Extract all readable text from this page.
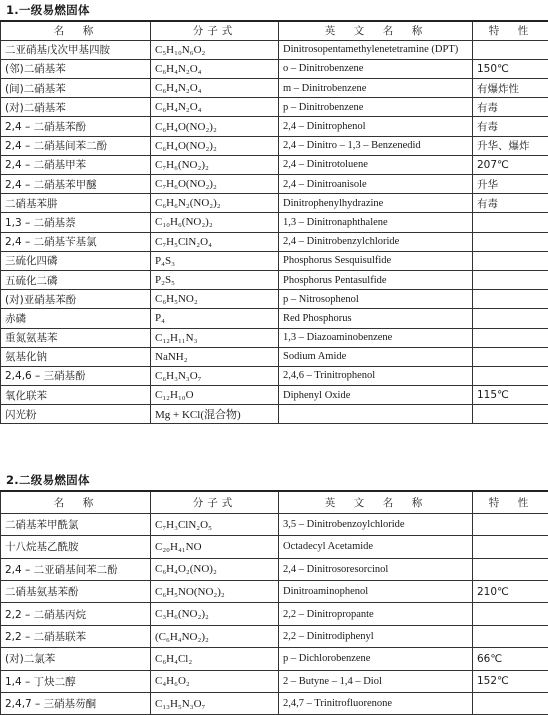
1.一级易燃固体
名　称	分子式	英　文　名　称	特　性
二亚硝基戊次甲基四胺	C₅H₁₀N₆O₂	Dinitrosopentamethylenetetramine (DPT)	
(邻)二硝基苯	C₆H₄N₂O₄	o – Dinitrobenzene	150℃
(间)二硝基苯	C₆H₄N₂O₄	m – Dinitrobenzene	有爆炸性
(对)二硝基苯	C₆H₄N₂O₄	p – Dinitrobenzene	有毒
2,4 – 二硝基苯酚	C₆H₄O(NO₂)₂	2,4 – Dinitrophenol	有毒
2,4 – 二硝基间苯二酚	C₆H₄O(NO₂)₂	2,4 – Dinitro – 1,3 – Benzenedid	升华、爆炸
2,4 – 二硝基甲苯	C₇H₆(NO₂)₂	2,4 – Dinitrotoluene	207℃
2,4 – 二硝基苯甲醚	C₇H₆O(NO₂)₂	2,4 – Dinitroanisole	升华
二硝基苯肼	C₆H₆N₂(NO₂)₂	Dinitrophenylhydrazine	有毒
1,3 – 二硝基萘	C₁₀H₆(NO₂)₂	1,3 – Dinitronaphthalene	
2,4 – 二硝基苄基氯	C₇H₅ClN₂O₄	2,4 – Dinitrobenzylchloride	
三硫化四磷	P₄S₃	Phosphorus Sesquisulfide	
五硫化二磷	P₂S₅	Phosphorus Pentasulfide	
(对)亚硝基苯酚	C₆H₅NO₂	p – Nitrosophenol	
赤磷	P₄	Red Phosphorus	
重氮氨基苯	C₁₂H₁₁N₃	1,3 – Diazoaminobenzene	
氨基化钠	NaNH₂	Sodium Amide	
2,4,6 – 三硝基酚	C₆H₃N₃O₇	2,4,6 – Trinitrophenol	
氧化联苯	C₁₂H₁₀O	Diphenyl Oxide	115℃
闪光粉	Mg + KCl(混合物)		
2.二级易燃固体
名　称	分子式	英　文　名　称	特　性
二硝基苯甲酰氯	C₇H₃ClN₂O₅	3,5 – Dinitrobenzoylchloride	
十八烷基乙酰胺	C₂₀H₄₁NO	Octadecyl Acetamide	
2,4 – 二亚硝基间苯二酚	C₆H₄O₂(NO)₂	2,4 – Dinitrosoresorcinol	
二硝基氨基苯酚	C₆H₅NO(NO₂)₂	Dinitroaminophenol	210℃
2,2 – 二硝基丙烷	C₃H₆(NO₂)₂	2,2 – Dinitropropante	
2,2 – 二硝基联苯	(C₆H₄NO₂)₂	2,2 – Dinitrodiphenyl	
(对)二氯苯	C₆H₄Cl₂	p – Dichlorobenzene	66℃
1,4 – 丁炔二醇	C₄H₆O₂	2 – Butyne – 1,4 – Diol	152℃
2,4,7 – 三硝基芴酮	C₁₃H₅N₃O₇	2,4,7 – Trinitrofluorenone	
